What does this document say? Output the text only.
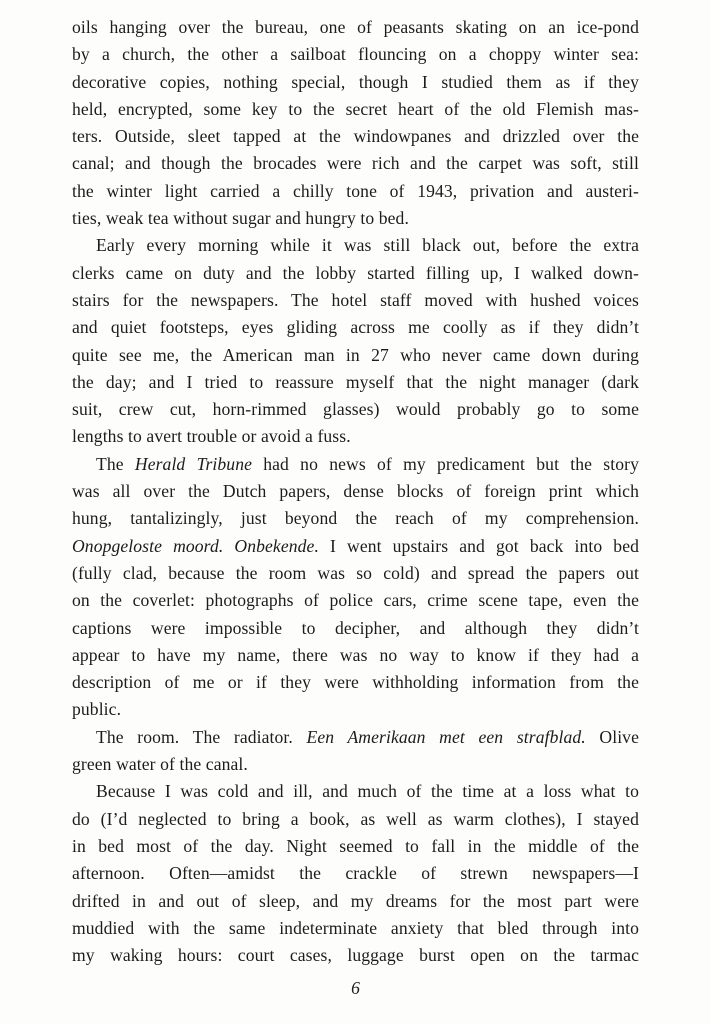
oils hanging over the bureau, one of peasants skating on an ice-pond
by a church, the other a sailboat flouncing on a choppy winter sea:
decorative copies, nothing special, though I studied them as if they
held, encrypted, some key to the secret heart of the old Flemish mas-
ters. Outside, sleet tapped at the windowpanes and drizzled over the
canal; and though the brocades were rich and the carpet was soft, still
the winter light carried a chilly tone of 1943, privation and austeri-
ties, weak tea without sugar and hungry to bed.
Early every morning while it was still black out, before the extra
clerks came on duty and the lobby started filling up, I walked down-
stairs for the newspapers. The hotel staff moved with hushed voices
and quiet footsteps, eyes gliding across me coolly as if they didn’t
quite see me, the American man in 27 who never came down during
the day; and I tried to reassure myself that the night manager (dark
suit, crew cut, horn-rimmed glasses) would probably go to some
lengths to avert trouble or avoid a fuss.
The Herald Tribune had no news of my predicament but the story
was all over the Dutch papers, dense blocks of foreign print which
hung, tantalizingly, just beyond the reach of my comprehension.
Onopgeloste moord. Onbekende. I went upstairs and got back into bed
(fully clad, because the room was so cold) and spread the papers out
on the coverlet: photographs of police cars, crime scene tape, even the
captions were impossible to decipher, and although they didn’t
appear to have my name, there was no way to know if they had a
description of me or if they were withholding information from the
public.
The room. The radiator. Een Amerikaan met een strafblad. Olive
green water of the canal.
Because I was cold and ill, and much of the time at a loss what to
do (I’d neglected to bring a book, as well as warm clothes), I stayed
in bed most of the day. Night seemed to fall in the middle of the
afternoon. Often—amidst the crackle of strewn newspapers—I
drifted in and out of sleep, and my dreams for the most part were
muddied with the same indeterminate anxiety that bled through into
my waking hours: court cases, luggage burst open on the tarmac
6
